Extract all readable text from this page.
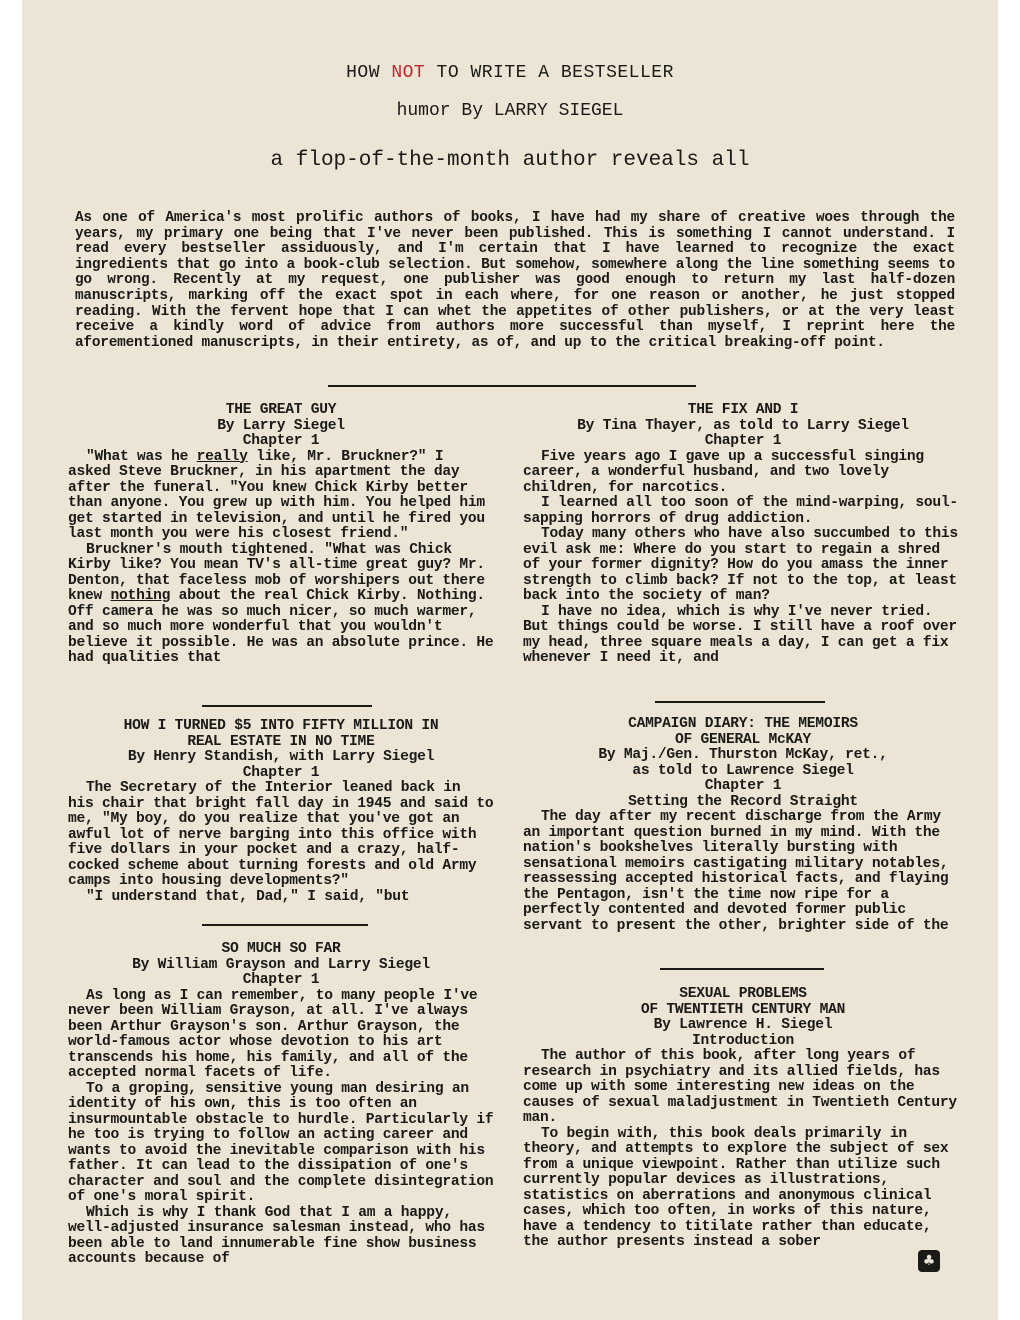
HOW NOT TO WRITE A BESTSELLER
humor By LARRY SIEGEL
a flop-of-the-month author reveals all
As one of America's most prolific authors of books, I have had my share of creative woes through the years, my primary one being that I've never been published. This is something I cannot understand. I read every bestseller assiduously, and I'm certain that I have learned to recognize the exact ingredients that go into a book-club selection. But somehow, somewhere along the line something seems to go wrong. Recently at my request, one publisher was good enough to return my last half-dozen manuscripts, marking off the exact spot in each where, for one reason or another, he just stopped reading. With the fervent hope that I can whet the appetites of other publishers, or at the very least receive a kindly word of advice from authors more successful than myself, I reprint here the aforementioned manuscripts, in their entirety, as of, and up to the critical breaking-off point.
THE GREAT GUY
By Larry Siegel
Chapter 1

"What was he really like, Mr. Bruckner?" I asked Steve Bruckner, in his apartment the day after the funeral. "You knew Chick Kirby better than anyone. You grew up with him. You helped him get started in television, and until he fired you last month you were his closest friend."

Bruckner's mouth tightened. "What was Chick Kirby like? You mean TV's all-time great guy? Mr. Denton, that faceless mob of worshipers out there knew nothing about the real Chick Kirby. Nothing. Off camera he was so much nicer, so much warmer, and so much more wonderful that you wouldn't believe it possible. He was an absolute prince. He had qualities that

THE FIX AND I
By Tina Thayer, as told to Larry Siegel
Chapter 1

Five years ago I gave up a successful singing career, a wonderful husband, and two lovely children, for narcotics.

I learned all too soon of the mind-warping, soul-sapping horrors of drug addiction.

Today many others who have also succumbed to this evil ask me: Where do you start to regain a shred of your former dignity? How do you amass the inner strength to climb back? If not to the top, at least back into the society of man?

I have no idea, which is why I've never tried. But things could be worse. I still have a roof over my head, three square meals a day, I can get a fix whenever I need it, and

HOW I TURNED $5 INTO FIFTY MILLION IN
REAL ESTATE IN NO TIME
By Henry Standish, with Larry Siegel
Chapter 1

The Secretary of the Interior leaned back in his chair that bright fall day in 1945 and said to me, "My boy, do you realize that you've got an awful lot of nerve barging into this office with five dollars in your pocket and a crazy, half-cocked scheme about turning forests and old Army camps into housing developments?"

"I understand that, Dad," I said, "but

CAMPAIGN DIARY: THE MEMOIRS
OF GENERAL McKAY
By Maj./Gen. Thurston McKay, ret.,
as told to Lawrence Siegel
Chapter 1
Setting the Record Straight

The day after my recent discharge from the Army an important question burned in my mind. With the nation's bookshelves literally bursting with sensational memoirs castigating military notables, reassessing accepted historical facts, and flaying the Pentagon, isn't the time now ripe for a perfectly contented and devoted former public servant to present the other, brighter side of the

SO MUCH SO FAR
By William Grayson and Larry Siegel
Chapter 1

As long as I can remember, to many people I've never been William Grayson, at all. I've always been Arthur Grayson's son. Arthur Grayson, the world-famous actor whose devotion to his art transcends his home, his family, and all of the accepted normal facets of life.

To a groping, sensitive young man desiring an identity of his own, this is too often an insurmountable obstacle to hurdle. Particularly if he too is trying to follow an acting career and wants to avoid the inevitable comparison with his father. It can lead to the dissipation of one's character and soul and the complete disintegration of one's moral spirit.

Which is why I thank God that I am a happy, well-adjusted insurance salesman instead, who has been able to land innumerable fine show business accounts because of

SEXUAL PROBLEMS
OF TWENTIETH CENTURY MAN
By Lawrence H. Siegel
Introduction

The author of this book, after long years of research in psychiatry and its allied fields, has come up with some interesting new ideas on the causes of sexual maladjustment in Twentieth Century man.

To begin with, this book deals primarily in theory, and attempts to explore the subject of sex from a unique viewpoint. Rather than utilize such currently popular devices as illustrations, statistics on aberrations and anonymous clinical cases, which too often, in works of this nature, have a tendency to titilate rather than educate, the author presents instead a sober

♣
